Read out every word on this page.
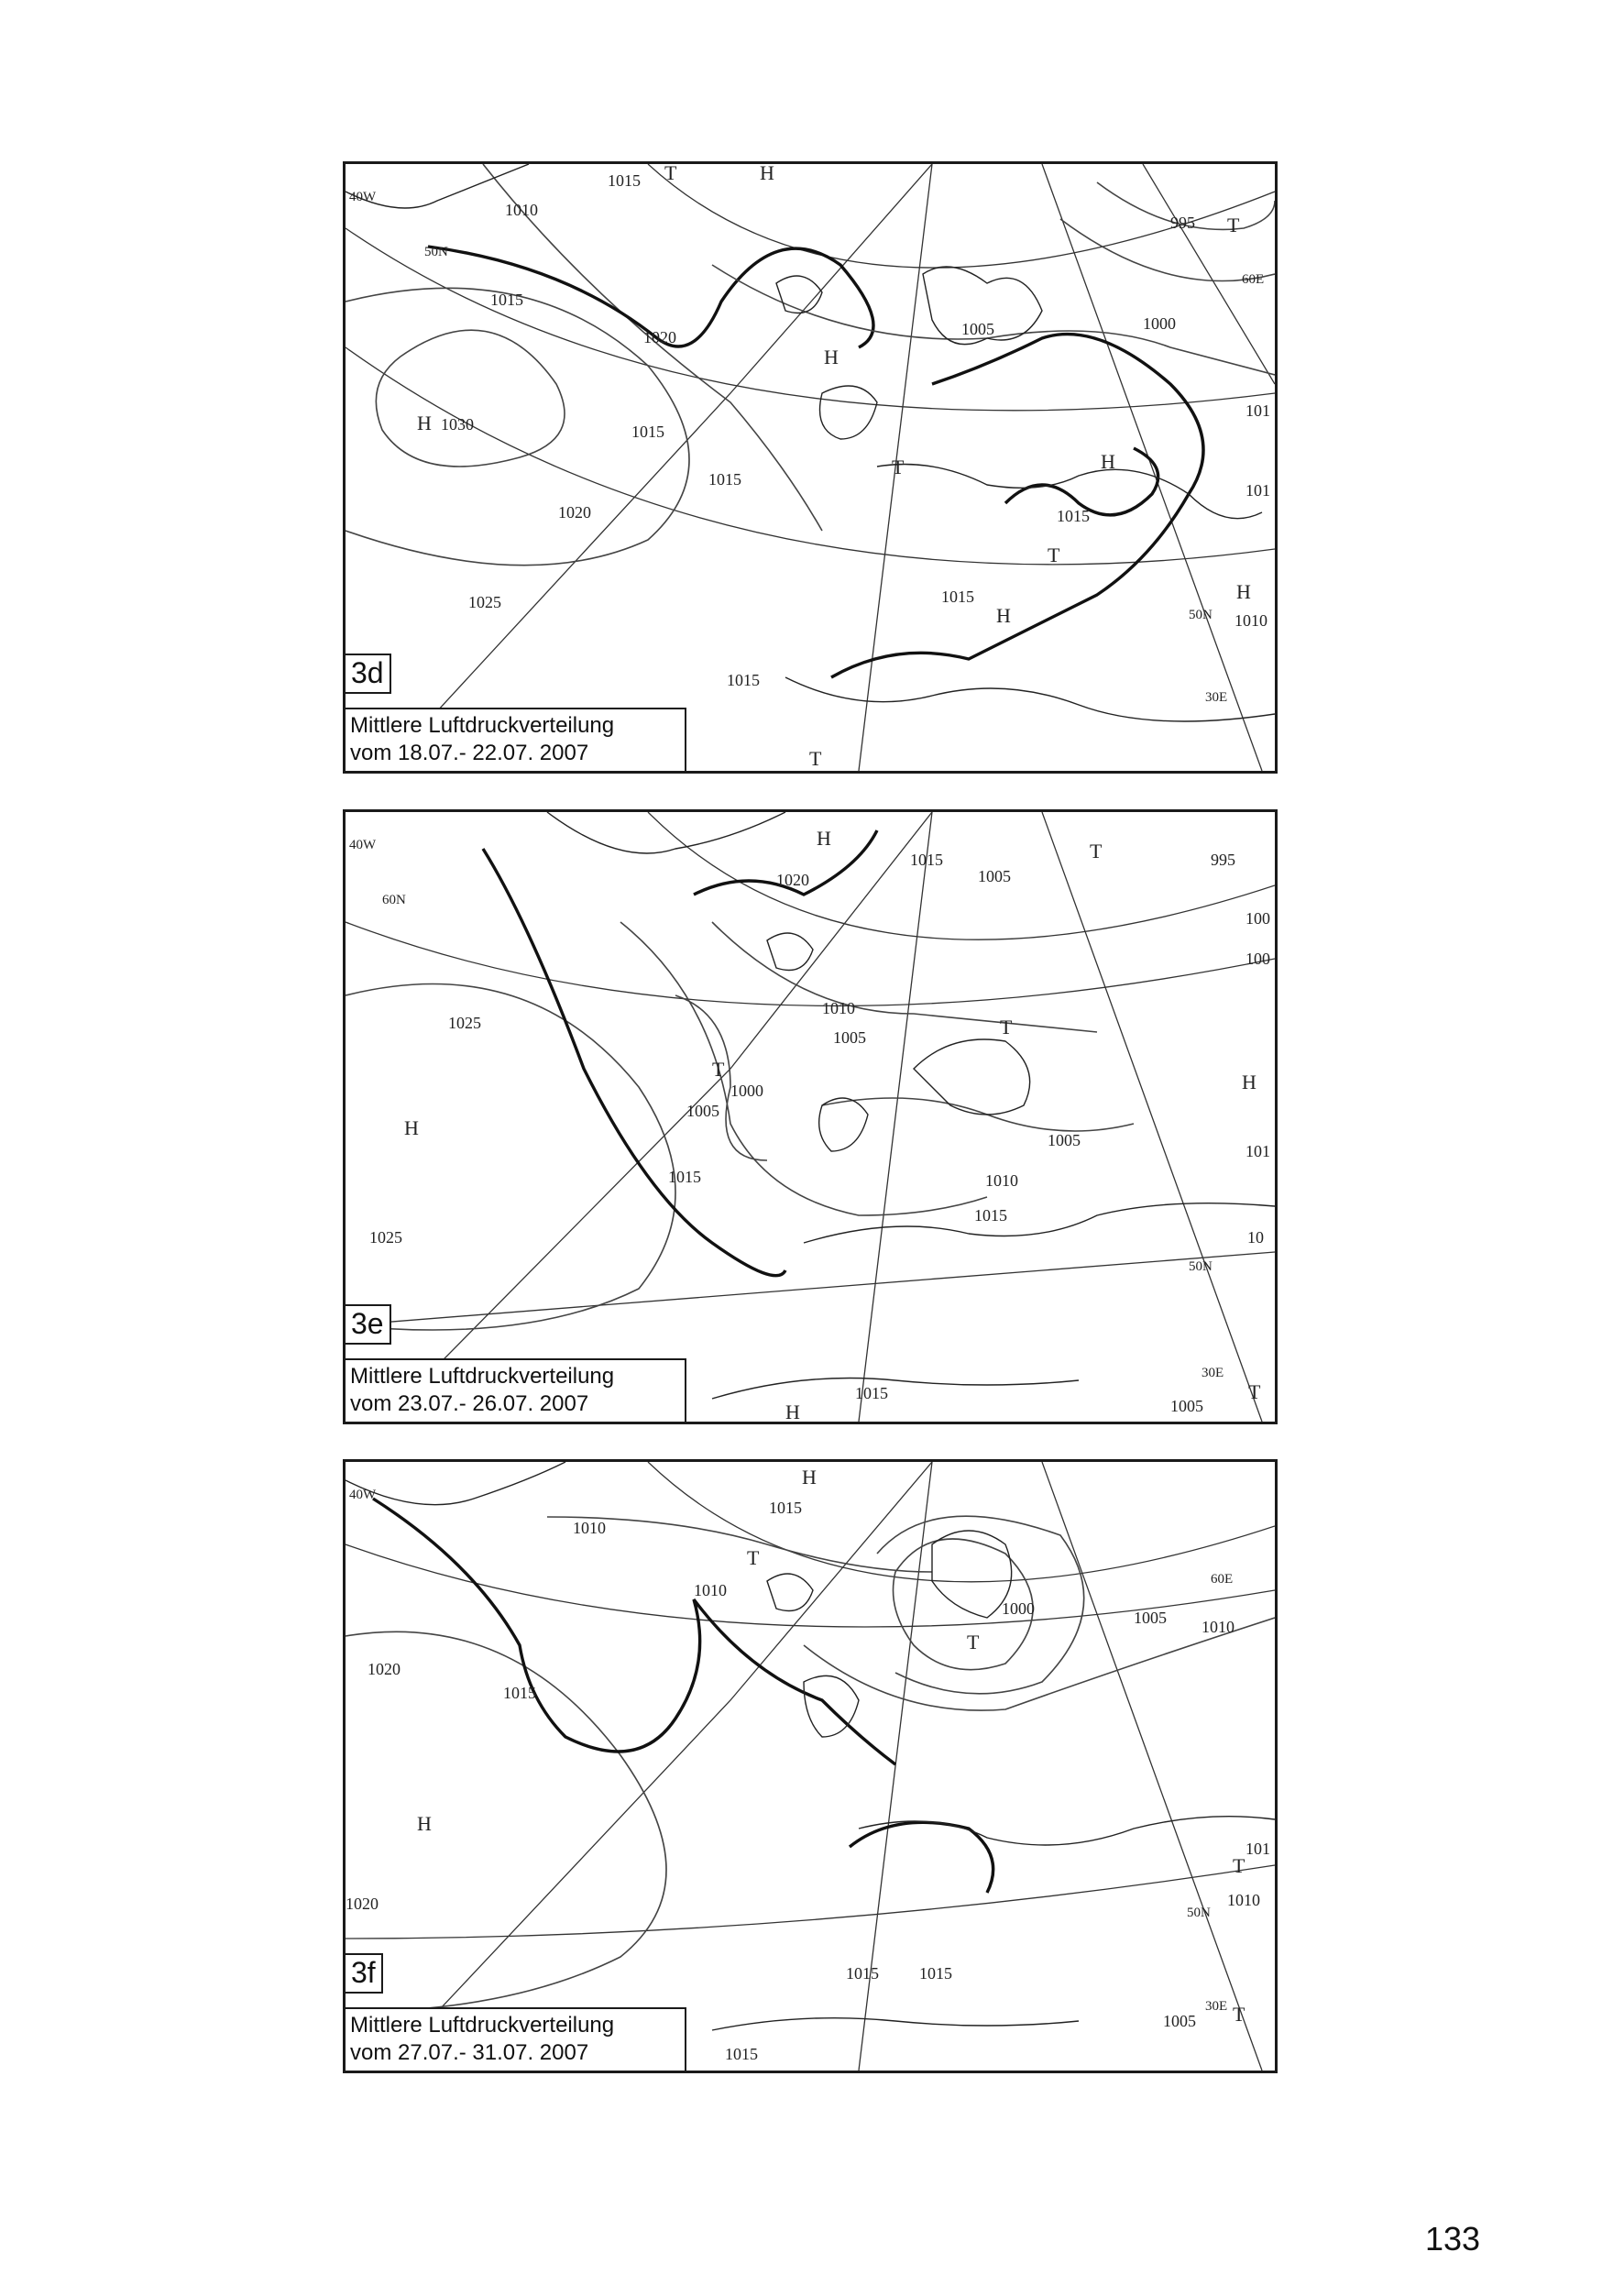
1010
1015
1015
1020
1020
1025
1030	1015
1015
1015
1015
1015
1005	1000
995
1010
101
101
T	H
H
H
T	H
T
H
H
T
T
40W
50N
60E
50N
30E
3d
Mittlere Luftdruckverteilung
vom 18.07.- 22.07. 2007
1020
1015
1005
995
100
100
1010
1005
1000
1005
1025
1025
1015
1005
1010
1015
101
10
1005
1015
H
T
T
T
H
H
T
H
40W
60N
50N
30E
3e
Mittlere Luftdruckverteilung
vom 23.07.- 26.07. 2007
H
1015
1010
1010
1000	1005 1010
1020
1015
1020
101
1010
1015 1015
1005
1015
T
T
H
T
T
40W
60E
50N
30E
3f
Mittlere Luftdruckverteilung
vom 27.07.- 31.07. 2007
133
